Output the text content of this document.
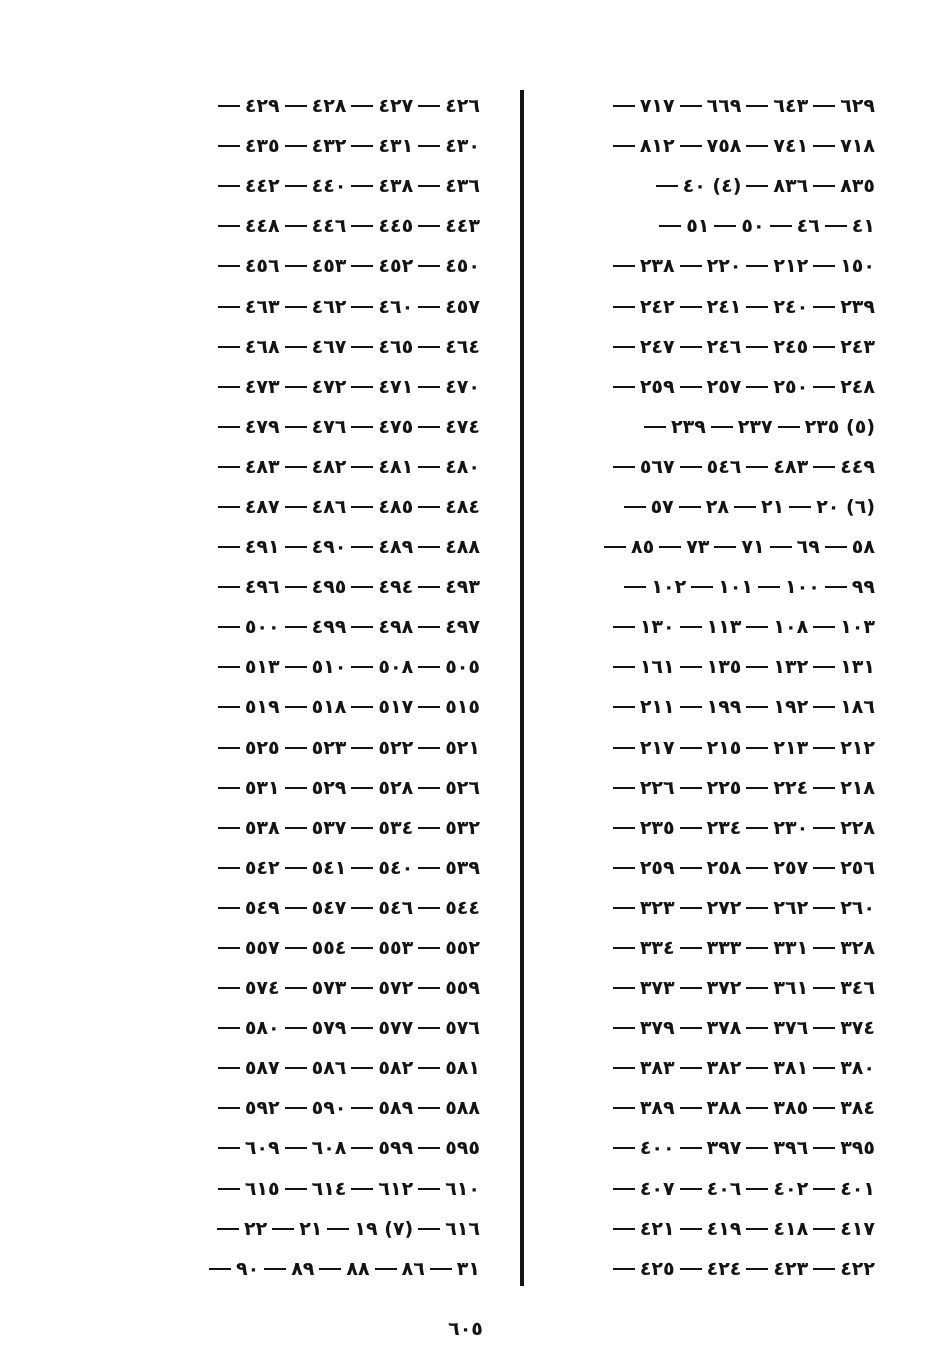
٦٢٩
٦٤٣
٦٦٩
٧١٧
٧١٨
٧٤١
٧٥٨
٨١٢
٨٣٥
٨٣٦
(٤) ٤٠
٤١
٤٦
٥٠
٥١
١٥٠
٢١٢
٢٢٠
٢٣٨
٢٣٩
٢٤٠
٢٤١
٢٤٢
٢٤٣
٢٤٥
٢٤٦
٢٤٧
٢٤٨
٢٥٠
٢٥٧
٢٥٩
(٥) ٢٣٥
٢٣٧
٢٣٩
٤٤٩
٤٨٣
٥٤٦
٥٦٧
(٦) ٢٠
٢١
٢٨
٥٧
٥٨
٦٩
٧١
٧٣
٨٥
٩٩
١٠٠
١٠١
١٠٢
١٠٣
١٠٨
١١٣
١٣٠
١٣١
١٣٢
١٣٥
١٦١
١٨٦
١٩٢
١٩٩
٢١١
٢١٢
٢١٣
٢١٥
٢١٧
٢١٨
٢٢٤
٢٢٥
٢٢٦
٢٢٨
٢٣٠
٢٣٤
٢٣٥
٢٥٦
٢٥٧
٢٥٨
٢٥٩
٢٦٠
٢٦٢
٢٧٢
٣٢٣
٣٢٨
٣٣١
٣٣٣
٣٣٤
٣٤٦
٣٦١
٣٧٢
٣٧٣
٣٧٤
٣٧٦
٣٧٨
٣٧٩
٣٨٠
٣٨١
٣٨٢
٣٨٣
٣٨٤
٣٨٥
٣٨٨
٣٨٩
٣٩٥
٣٩٦
٣٩٧
٤٠٠
٤٠١
٤٠٢
٤٠٦
٤٠٧
٤١٧
٤١٨
٤١٩
٤٢١
٤٢٢
٤٢٣
٤٢٤
٤٢٥
٤٢٦
٤٢٧
٤٢٨
٤٢٩
٤٣٠
٤٣١
٤٣٢
٤٣٥
٤٣٦
٤٣٨
٤٤٠
٤٤٢
٤٤٣
٤٤٥
٤٤٦
٤٤٨
٤٥٠
٤٥٢
٤٥٣
٤٥٦
٤٥٧
٤٦٠
٤٦٢
٤٦٣
٤٦٤
٤٦٥
٤٦٧
٤٦٨
٤٧٠
٤٧١
٤٧٢
٤٧٣
٤٧٤
٤٧٥
٤٧٦
٤٧٩
٤٨٠
٤٨١
٤٨٢
٤٨٣
٤٨٤
٤٨٥
٤٨٦
٤٨٧
٤٨٨
٤٨٩
٤٩٠
٤٩١
٤٩٣
٤٩٤
٤٩٥
٤٩٦
٤٩٧
٤٩٨
٤٩٩
٥٠٠
٥٠٥
٥٠٨
٥١٠
٥١٣
٥١٥
٥١٧
٥١٨
٥١٩
٥٢١
٥٢٢
٥٢٣
٥٢٥
٥٢٦
٥٢٨
٥٢٩
٥٣١
٥٣٢
٥٣٤
٥٣٧
٥٣٨
٥٣٩
٥٤٠
٥٤١
٥٤٢
٥٤٤
٥٤٦
٥٤٧
٥٤٩
٥٥٢
٥٥٣
٥٥٤
٥٥٧
٥٥٩
٥٧٢
٥٧٣
٥٧٤
٥٧٦
٥٧٧
٥٧٩
٥٨٠
٥٨١
٥٨٢
٥٨٦
٥٨٧
٥٨٨
٥٨٩
٥٩٠
٥٩٢
٥٩٥
٥٩٩
٦٠٨
٦٠٩
٦١٠
٦١٢
٦١٤
٦١٥
٦١٦
(٧) ١٩
٢١
٢٢
٣١
٨٦
٨٨
٨٩
٩٠
٦٠٥
